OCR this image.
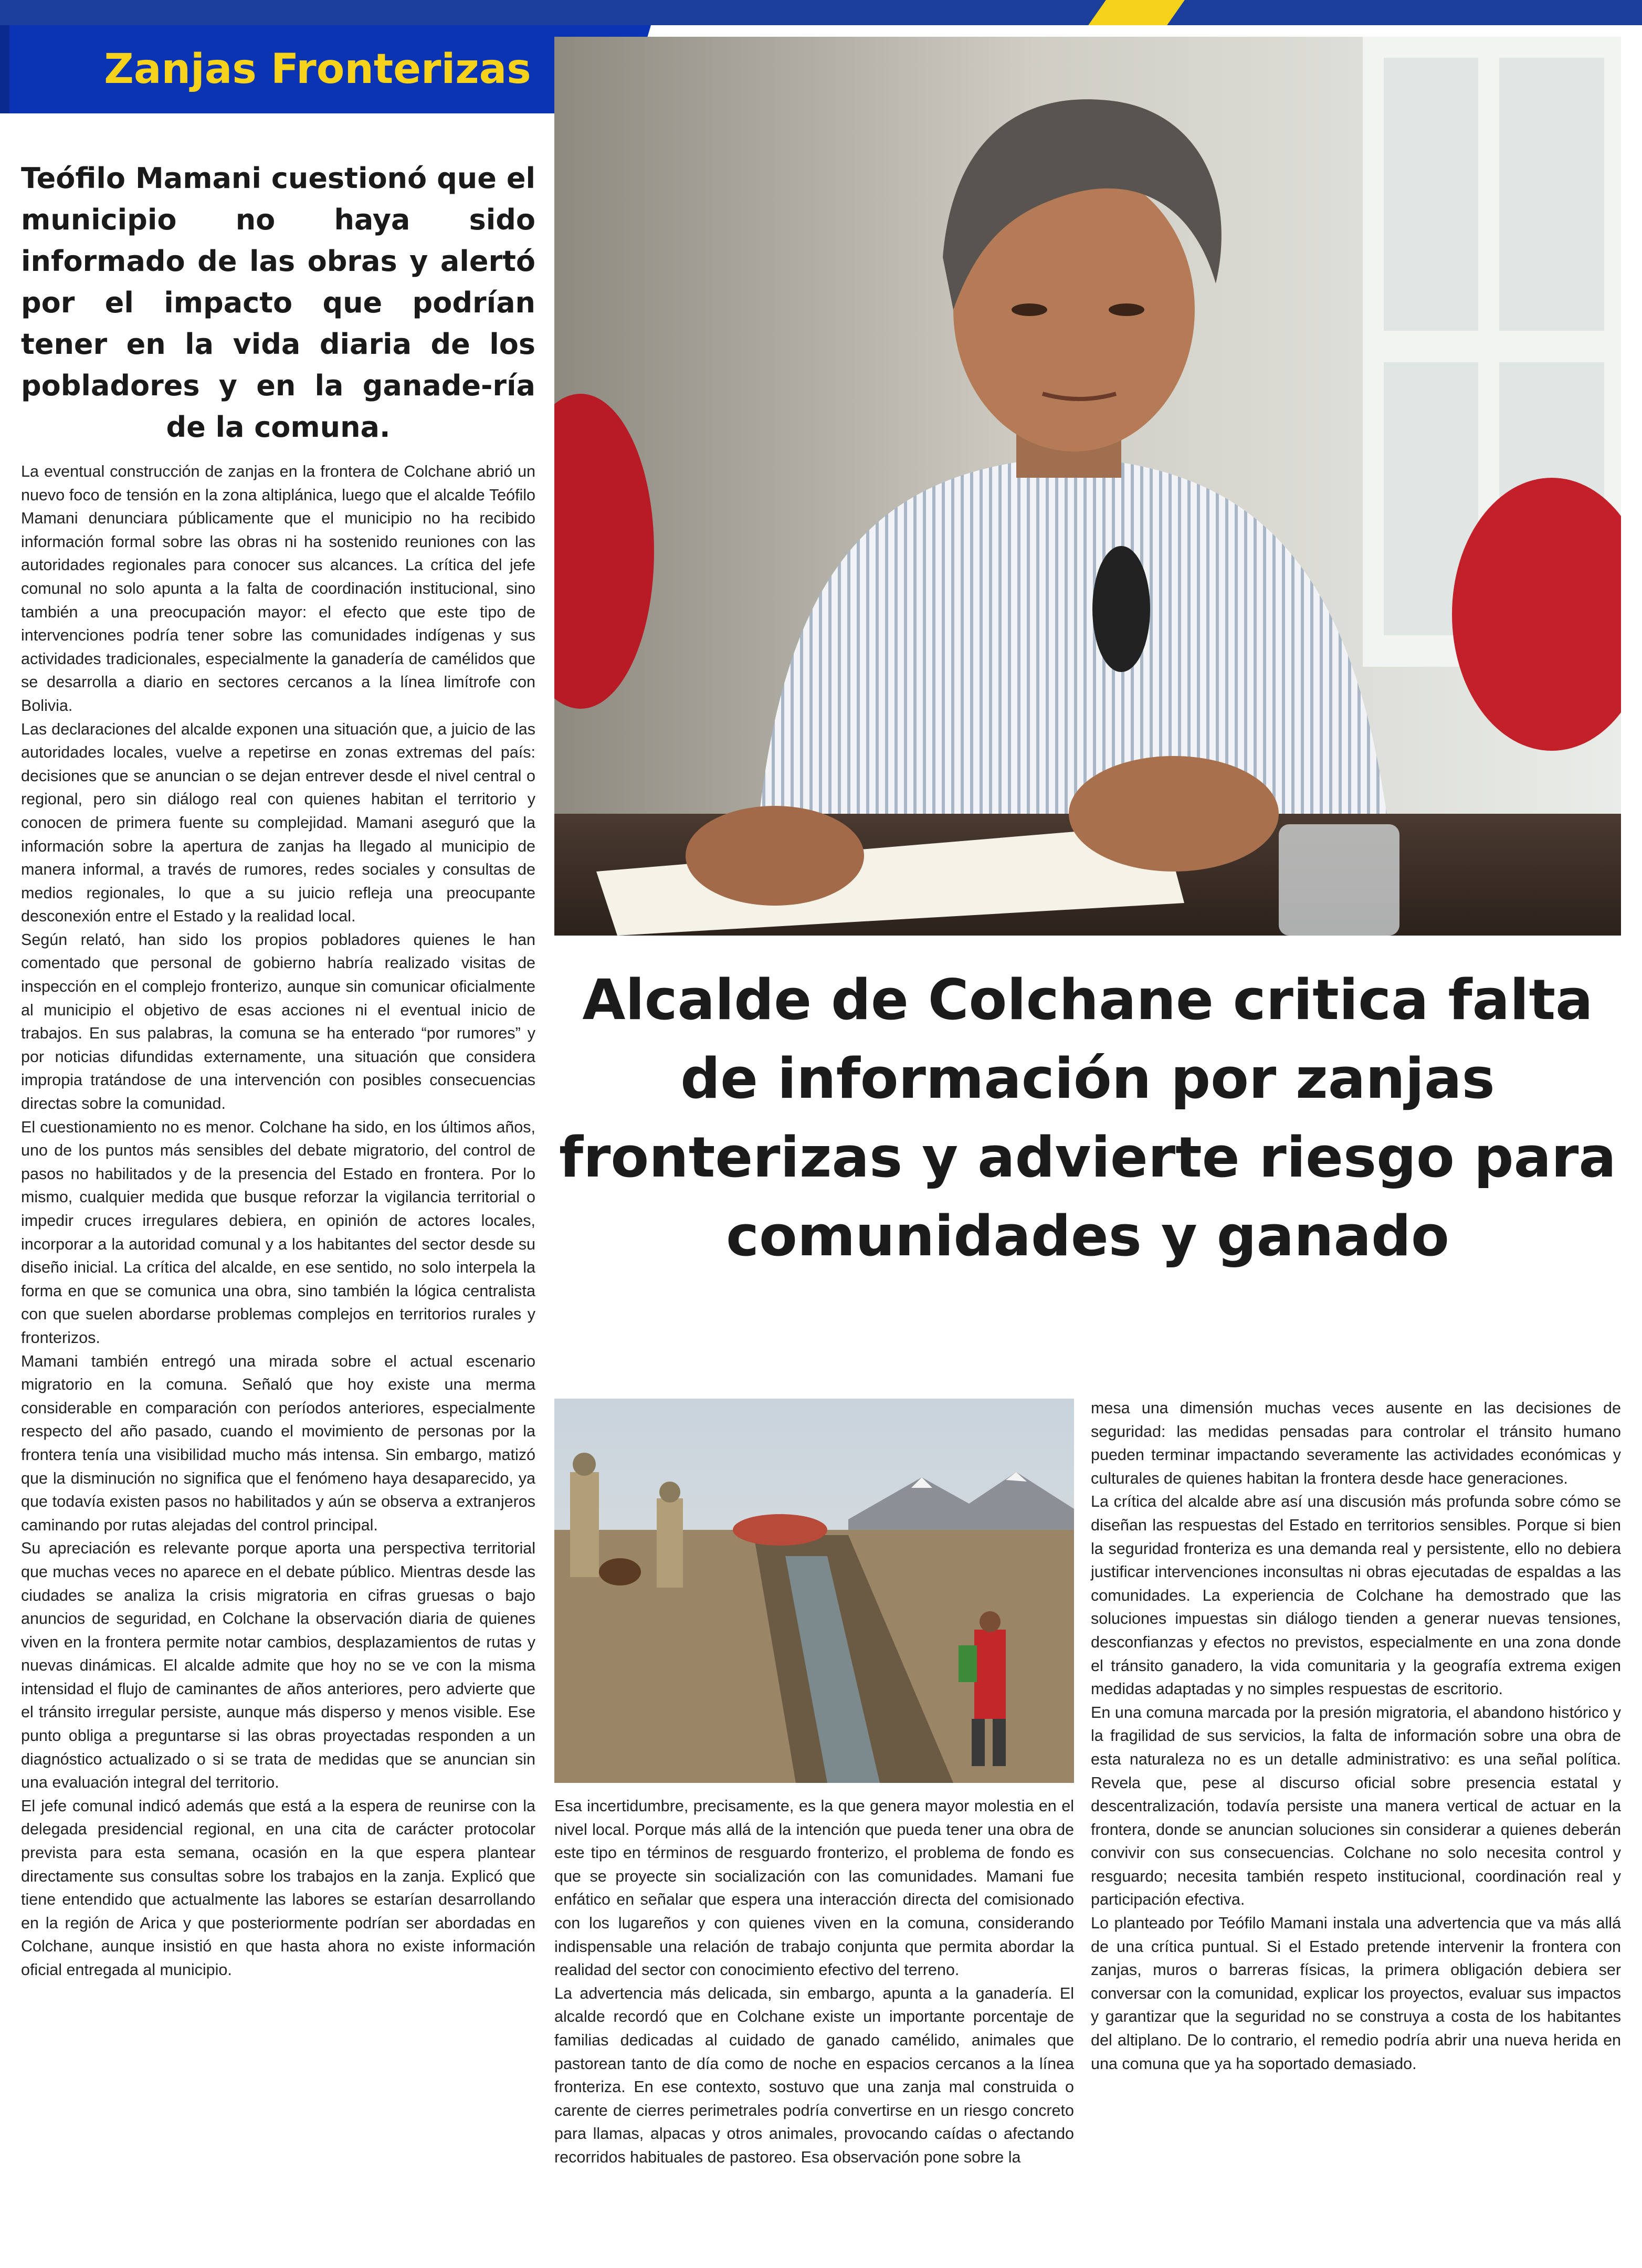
Zanjas Fronterizas
Teófilo Mamani cuestionó que el municipio no haya sido informado de las obras y alertó por el impacto que podrían tener en la vida diaria de los pobladores y en la ganade-ría de la comuna.
Alcalde de Colchane critica falta de información por zanjas fronterizas y advierte riesgo para comunidades y ganado

La eventual construcción de zanjas en la frontera de Colchane abrió un nuevo foco de tensión en la zona altiplánica, luego que el alcalde Teófilo Mamani denunciara públicamente que el municipio no ha recibido información formal sobre las obras ni ha sostenido reuniones con las autoridades regionales para conocer sus alcances. La crítica del jefe comunal no solo apunta a la falta de coordinación institucional, sino también a una preocupación mayor: el efecto que este tipo de intervenciones podría tener sobre las comunidades indígenas y sus actividades tradicionales, especialmente la ganadería de camélidos que se desarrolla a diario en sectores cercanos a la línea limítrofe con Bolivia.

Las declaraciones del alcalde exponen una situación que, a juicio de las autoridades locales, vuelve a repetirse en zonas extremas del país: decisiones que se anuncian o se dejan entrever desde el nivel central o regional, pero sin diálogo real con quienes habitan el territorio y conocen de primera fuente su complejidad. Mamani aseguró que la información sobre la apertura de zanjas ha llegado al municipio de manera informal, a través de rumores, redes sociales y consultas de medios regionales, lo que a su juicio refleja una preocupante desconexión entre el Estado y la realidad local.

Según relató, han sido los propios pobladores quienes le han comentado que personal de gobierno habría realizado visitas de inspección en el complejo fronterizo, aunque sin comunicar oficialmente al municipio el objetivo de esas acciones ni el eventual inicio de trabajos. En sus palabras, la comuna se ha enterado “por rumores” y por noticias difundidas externamente, una situación que considera impropia tratándose de una intervención con posibles consecuencias directas sobre la comunidad.

El cuestionamiento no es menor. Colchane ha sido, en los últimos años, uno de los puntos más sensibles del debate migratorio, del control de pasos no habilitados y de la presencia del Estado en frontera. Por lo mismo, cualquier medida que busque reforzar la vigilancia territorial o impedir cruces irregulares debiera, en opinión de actores locales, incorporar a la autoridad comunal y a los habitantes del sector desde su diseño inicial. La crítica del alcalde, en ese sentido, no solo interpela la forma en que se comunica una obra, sino también la lógica centralista con que suelen abordarse problemas complejos en territorios rurales y fronterizos.

Mamani también entregó una mirada sobre el actual escenario migratorio en la comuna. Señaló que hoy existe una merma considerable en comparación con períodos anteriores, especialmente respecto del año pasado, cuando el movimiento de personas por la frontera tenía una visibilidad mucho más intensa. Sin embargo, matizó que la disminución no significa que el fenómeno haya desaparecido, ya que todavía existen pasos no habilitados y aún se observa a extranjeros caminando por rutas alejadas del control principal.

Su apreciación es relevante porque aporta una perspectiva territorial que muchas veces no aparece en el debate público. Mientras desde las ciudades se analiza la crisis migratoria en cifras gruesas o bajo anuncios de seguridad, en Colchane la observación diaria de quienes viven en la frontera permite notar cambios, desplazamientos de rutas y nuevas dinámicas. El alcalde admite que hoy no se ve con la misma intensidad el flujo de caminantes de años anteriores, pero advierte que el tránsito irregular persiste, aunque más disperso y menos visible. Ese punto obliga a preguntarse si las obras proyectadas responden a un diagnóstico actualizado o si se trata de medidas que se anuncian sin una evaluación integral del territorio.

El jefe comunal indicó además que está a la espera de reunirse con la delegada presidencial regional, en una cita de carácter protocolar prevista para esta semana, ocasión en la que espera plantear directamente sus consultas sobre los trabajos en la zanja. Explicó que tiene entendido que actualmente las labores se estarían desarrollando en la región de Arica y que posteriormente podrían ser abordadas en Colchane, aunque insistió en que hasta ahora no existe información oficial entregada al municipio.

Esa incertidumbre, precisamente, es la que genera mayor molestia en el nivel local. Porque más allá de la intención que pueda tener una obra de este tipo en términos de resguardo fronterizo, el problema de fondo es que se proyecte sin socialización con las comunidades. Mamani fue enfático en señalar que espera una interacción directa del comisionado con los lugareños y con quienes viven en la comuna, considerando indispensable una relación de trabajo conjunta que permita abordar la realidad del sector con conocimiento efectivo del terreno.

La advertencia más delicada, sin embargo, apunta a la ganadería. El alcalde recordó que en Colchane existe un importante porcentaje de familias dedicadas al cuidado de ganado camélido, animales que pastorean tanto de día como de noche en espacios cercanos a la línea fronteriza. En ese contexto, sostuvo que una zanja mal construida o carente de cierres perimetrales podría convertirse en un riesgo concreto para llamas, alpacas y otros animales, provocando caídas o afectando recorridos habituales de pastoreo. Esa observación pone sobre la

mesa una dimensión muchas veces ausente en las decisiones de seguridad: las medidas pensadas para controlar el tránsito humano pueden terminar impactando severamente las actividades económicas y culturales de quienes habitan la frontera desde hace generaciones.

La crítica del alcalde abre así una discusión más profunda sobre cómo se diseñan las respuestas del Estado en territorios sensibles. Porque si bien la seguridad fronteriza es una demanda real y persistente, ello no debiera justificar intervenciones inconsultas ni obras ejecutadas de espaldas a las comunidades. La experiencia de Colchane ha demostrado que las soluciones impuestas sin diálogo tienden a generar nuevas tensiones, desconfianzas y efectos no previstos, especialmente en una zona donde el tránsito ganadero, la vida comunitaria y la geografía extrema exigen medidas adaptadas y no simples respuestas de escritorio.

En una comuna marcada por la presión migratoria, el abandono histórico y la fragilidad de sus servicios, la falta de información sobre una obra de esta naturaleza no es un detalle administrativo: es una señal política. Revela que, pese al discurso oficial sobre presencia estatal y descentralización, todavía persiste una manera vertical de actuar en la frontera, donde se anuncian soluciones sin considerar a quienes deberán convivir con sus consecuencias. Colchane no solo necesita control y resguardo; necesita también respeto institucional, coordinación real y participación efectiva.

Lo planteado por Teófilo Mamani instala una advertencia que va más allá de una crítica puntual. Si el Estado pretende intervenir la frontera con zanjas, muros o barreras físicas, la primera obligación debiera ser conversar con la comunidad, explicar los proyectos, evaluar sus impactos y garantizar que la seguridad no se construya a costa de los habitantes del altiplano. De lo contrario, el remedio podría abrir una nueva herida en una comuna que ya ha soportado demasiado.
